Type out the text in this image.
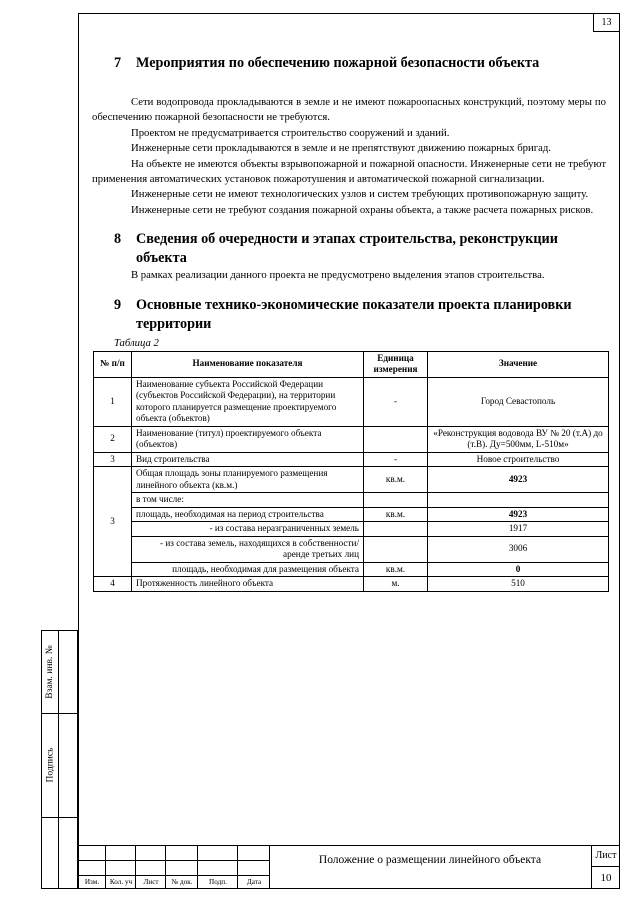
13
7	Мероприятия по обеспечению пожарной безопасности объекта

Сети водопровода прокладываются в земле и не имеют пожароопасных конструкций, поэтому меры по обеспечению пожарной безопасности не требуются.

Проектом не предусматривается строительство сооружений и зданий.

Инженерные сети прокладываются в земле и не препятствуют движению пожарных бригад.

На объекте не имеются объекты взрывопожарной и пожарной опасности. Инженерные сети не требуют применения автоматических установок пожаротушения и автоматической пожарной сигнализации.

Инженерные сети не имеют технологических узлов и систем требующих противопожарную защиту.

Инженерные сети не требуют создания пожарной охраны объекта, а также расчета пожарных рисков.

8	Сведения об очередности и этапах строительства, реконструкции объекта

В рамках реализации данного проекта не предусмотрено выделения этапов строительства.

9	Основные технико-экономические показатели проекта планировки территории
Таблица 2
№ п/п	Наименование показателя	Единица измерения	Значение
1	Наименование субъекта Российской Федерации (субъектов Российской Федерации), на территории которого планируется размещение проектируемого объекта (объектов)	-	Город Севастополь
2	Наименование (титул) проектируемого объекта (объектов)		«Реконструкция водовода ВУ № 20 (т.А) до (т.В). Ду=500мм, L-510м»
3	Вид строительства	-	Новое строительство
3	Общая площадь зоны планируемого размещения линейного объекта (кв.м.)	кв.м.	4923
	в том числе:		
	площадь, необходимая на период строительства	кв.м.	4923
	- из состава неразграниченных земель		1917
	- из состава земель, находящихся в собственности/аренде третьих лиц		3006
	площадь, необходимая для размещения объекта	кв.м.	0
4	Протяженность линейного объекта	м.	510
Взам. инв. №
Подпись
Изм.	Кол. уч	Лист	№ док.	Подп.	Дата
Положение о размещении линейного объекта	Лист
10
